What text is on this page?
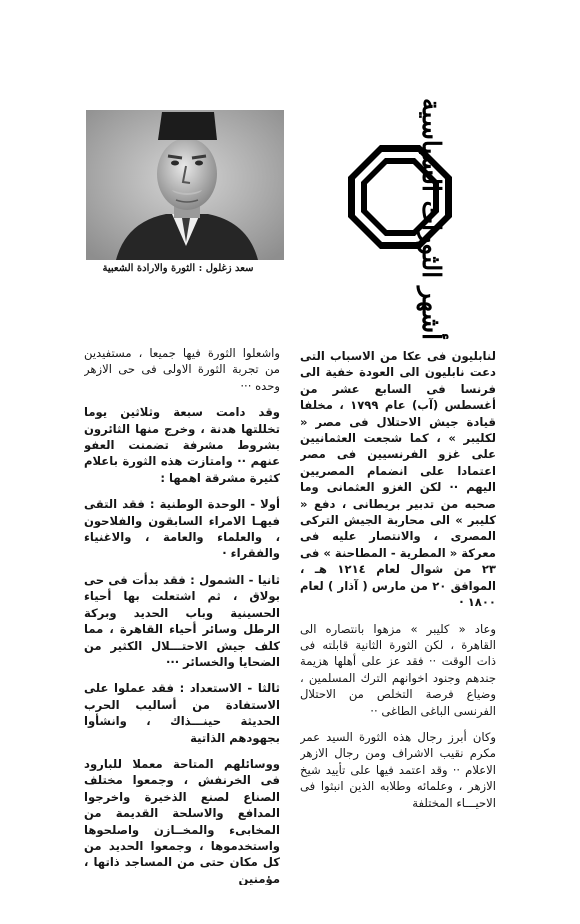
سعد زغلول : الثورة والارادة الشعبية	أشهر الثورات السياسية

لنابليون فى عكا من الاسباب التى دعت نابليون الى العودة خفية الى فرنسا فى السابع عشر من أغسطس (آب) عام ١٧٩٩ ، مخلفا قيادة جيش الاحتلال فى مصر « لكليبر » ، كما شجعت العثمانيين على غزو الفرنسيين فى مصر اعتمادا على انضمام المصريين اليهم ·· لكن الغزو العثمانى وما صحبه من تدبير بريطانى ، دفع « كليبر » الى محاربة الجيش التركى المصرى ، والانتصار عليه فى معركة « المطرية - المطاحنة » فى ٢٣ من شوال لعام ١٢١٤ هـ ، الموافق ٢٠ من مارس ( آذار ) لعام ١٨٠٠ ·

وعاد « كليبر » مزهوا بانتصاره الى القاهرة ، لكن الثورة الثانية قابلته فى ذات الوقت ·· فقد عز على أهلها هزيمة جندهم وجنود اخوانهم الترك المسلمين ، وضياع فرصة التخلص من الاحتلال الفرنسى الباغى الطاغى ··

وكان أبرز رجال هذه الثورة السيد عمر مكرم نقيب الاشراف ومن رجال الازهر الاعلام ·· وقد اعتمد فيها على تأييد شيخ الازهر ، وعلمائه وطلابه الذين انبثوا فى الاحيـــاء المختلفة

واشعلوا الثورة فيها جميعا ، مستفيدين من تجربة الثورة الاولى فى حى الازهر وحده ···

وقد دامت سبعة وثلاثين يوما تخللتها هدنة ، وخرج منها الثائرون بشروط مشرفة تضمنت العفو عنهم ·· وامتازت هذه الثورة باعلام كثيرة مشرقة اهمها :

أولا - الوحدة الوطنية : فقد التقى فيهـا الامراء السابقون والفلاحون ، والعلماء والعامة ، والاغنياء والفقراء ·

ثانيا - الشمول : فقد بدأت فى حى بولاق ، ثم اشتعلت بها أحياء الحسينية وباب الحديد وبركة الرطل وسائر أحياء القاهرة ، مما كلف جيش الاحتـــلال الكثير من الضحايا والخسائر ···

ثالثا - الاستعداد : فقد عملوا على الاستفادة من أساليب الحرب الحديثة حينـــذاك ، وانشأوا بجهودهم الذاتية

ووسائلهم المتاحة معملا للبارود فى الخرنفش ، وجمعوا مختلف الصناع لصنع الذخيرة واخرجوا المدافع والاسلحة القديمة من المخابىء والمخــازن واصلحوها واستخدموها ، وجمعوا الحديد من كل مكان حتى من المساجد ذاتها ، مؤمنين
